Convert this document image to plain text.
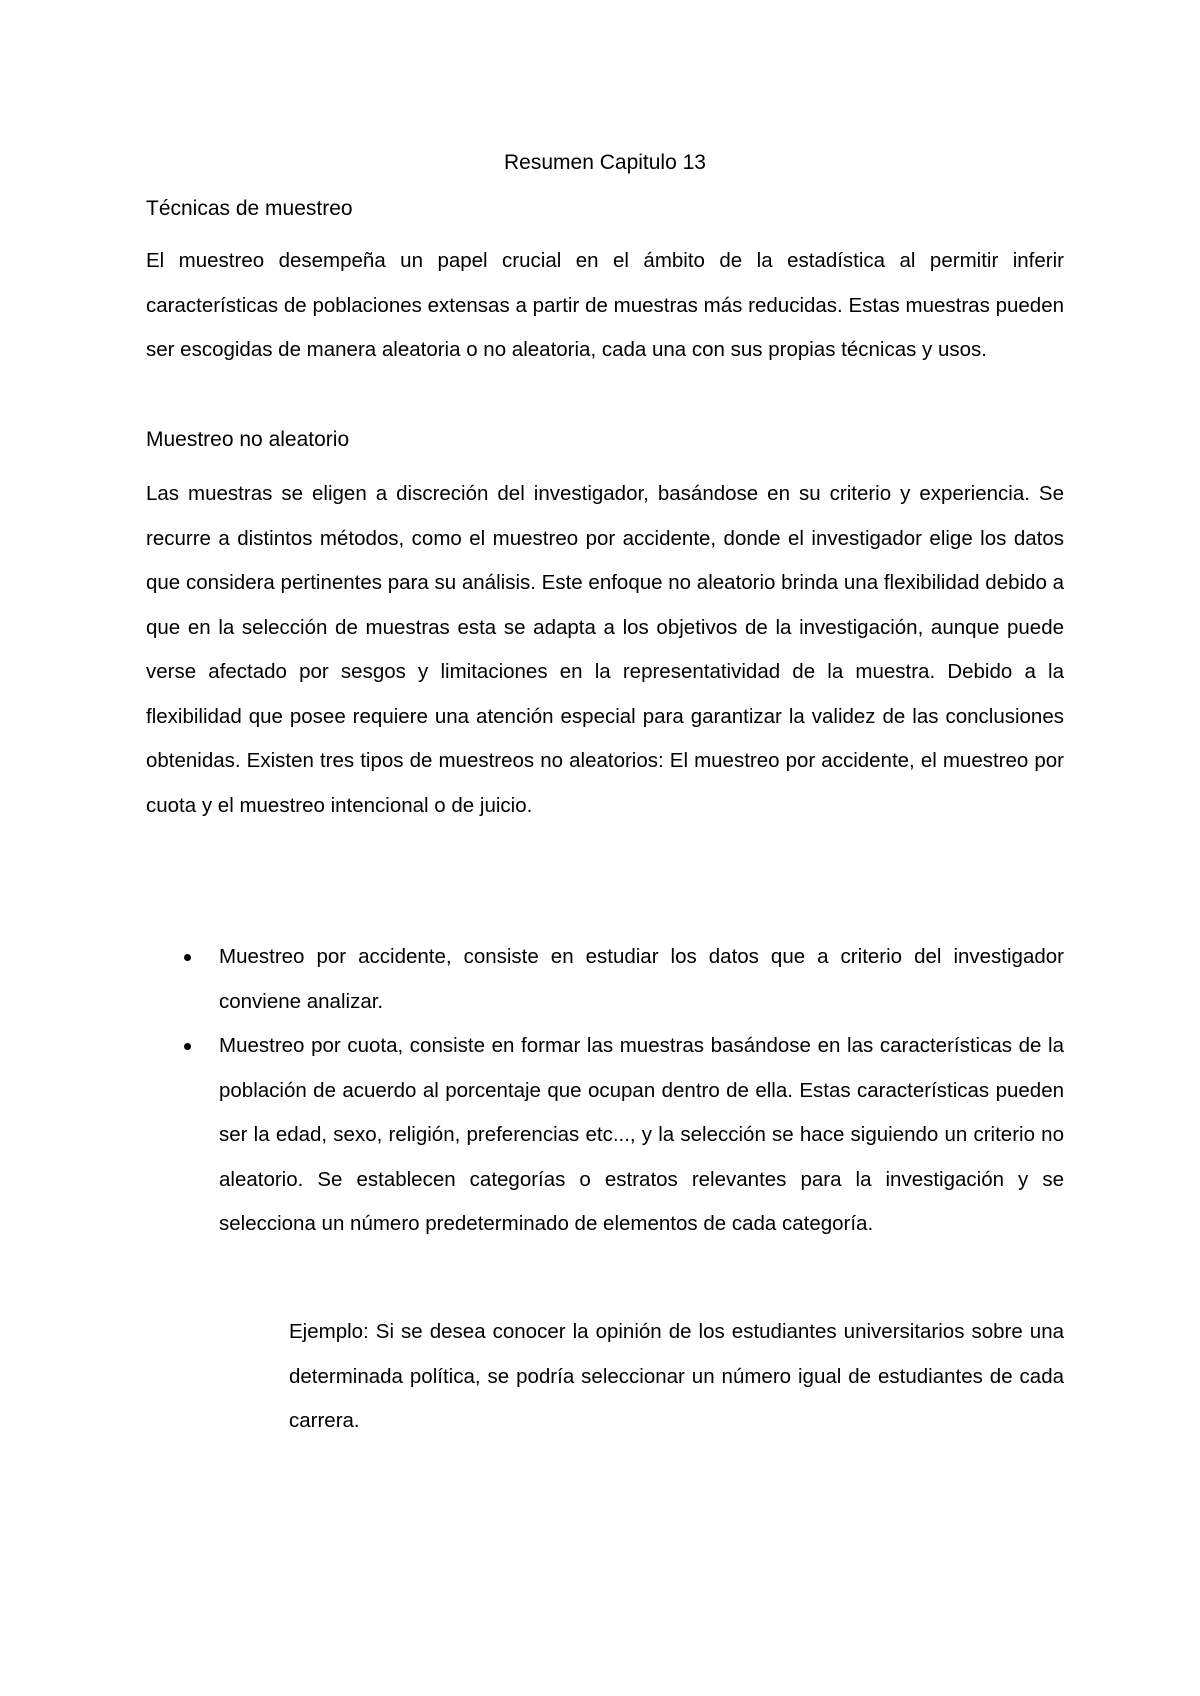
Resumen Capitulo 13
Técnicas de muestreo

El muestreo desempeña un papel crucial en el ámbito de la estadística al permitir inferir características de poblaciones extensas a partir de muestras más reducidas. Estas muestras pueden ser escogidas de manera aleatoria o no aleatoria, cada una con sus propias técnicas y usos.

Muestreo no aleatorio

Las muestras se eligen a discreción del investigador, basándose en su criterio y experiencia. Se recurre a distintos métodos, como el muestreo por accidente, donde el investigador elige los datos que considera pertinentes para su análisis. Este enfoque no aleatorio brinda una flexibilidad debido a que en la selección de muestras esta se adapta a los objetivos de la investigación, aunque puede verse afectado por sesgos y limitaciones en la representatividad de la muestra. Debido a la flexibilidad que posee requiere una atención especial para garantizar la validez de las conclusiones obtenidas. Existen tres tipos de muestreos no aleatorios: El muestreo por accidente, el muestreo por cuota y el muestreo intencional o de juicio.

Muestreo por accidente, consiste en estudiar los datos que a criterio del investigador conviene analizar.
Muestreo por cuota, consiste en formar las muestras basándose en las características de la población de acuerdo al porcentaje que ocupan dentro de ella. Estas características pueden ser la edad, sexo, religión, preferencias etc..., y la selección se hace siguiendo un criterio no aleatorio. Se establecen categorías o estratos relevantes para la investigación y se selecciona un número predeterminado de elementos de cada categoría.

Ejemplo: Si se desea conocer la opinión de los estudiantes universitarios sobre una determinada política, se podría seleccionar un número igual de estudiantes de cada carrera.
